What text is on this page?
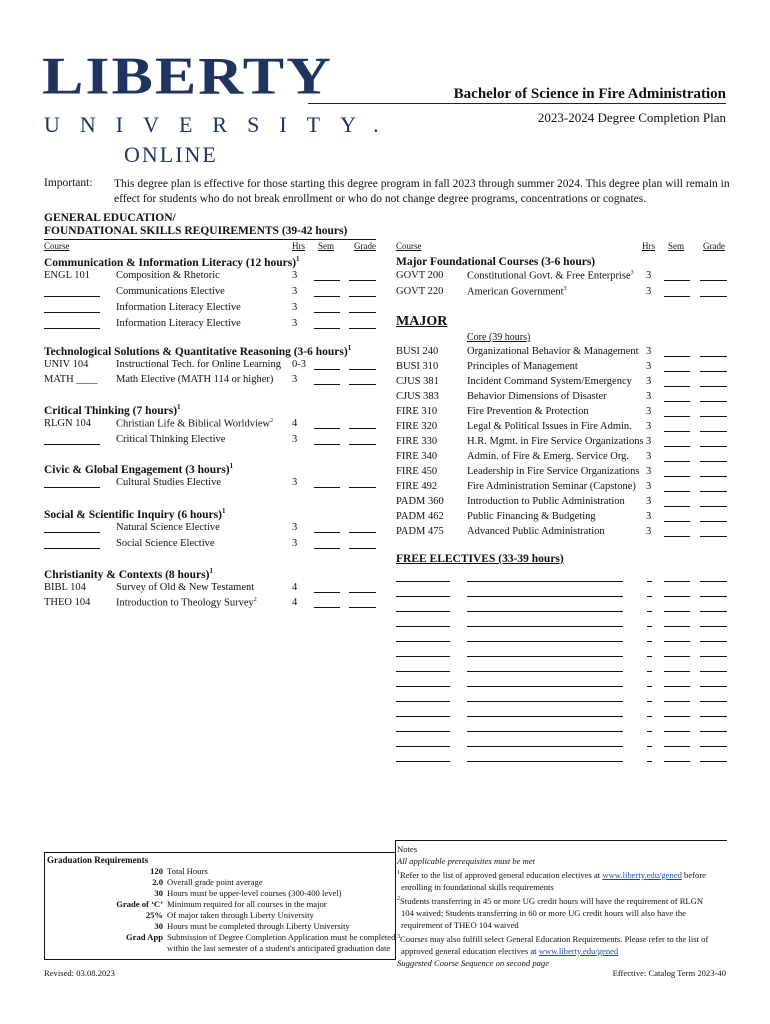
LIBERTY
UNIVERSITY.
ONLINE
Bachelor of Science in Fire Administration
2023-2024 Degree Completion Plan
Important: This degree plan is effective for those starting this degree program in fall 2023 through summer 2024. This degree plan will remain in effect for students who do not break enrollment or who do not change degree programs, concentrations or cognates.
GENERAL EDUCATION/
FOUNDATIONAL SKILLS REQUIREMENTS (39-42 hours)
Course	Hrs Sem Grade
Communication & Information Literacy (12 hours)$^1$
ENGL 101 Composition & Rhetoric	3
Communications Elective	3
Information Literacy Elective	3
Information Literacy Elective	3
Technological Solutions & Quantitative Reasoning (3-6 hours)$^1$
UNIV 104	Instructional Tech. for Online Learning 0-3
MATH ____ Math Elective (MATH 114 or higher) 3
Critical Thinking (7 hours)$^1$
RLGN 104 Christian Life & Biblical Worldview$^2$ 4
Critical Thinking Elective	3
Civic & Global Engagement (3 hours)$^1$
Cultural Studies Elective	3
Social & Scientific Inquiry (6 hours)$^1$
Natural Science Elective	3
Social Science Elective	3
Christianity & Contexts (8 hours)$^1$
BIBL 104	Survey of Old & New Testament	4
THEO 104 Introduction to Theology Survey$^2$	4
Course	Hrs Sem Grade
Major Foundational Courses (3-6 hours)
MAJOR
Core (39 hours)
FREE ELECTIVES (33-39 hours)
GOVT 200 Constitutional Govt. & Free Enterprise$^3$ 3
GOVT 220 American Government$^3$	3
BUSI 240	Organizational Behavior & Management 3
BUSI 310	Principles of Management	3
CJUS 381	Incident Command System/Emergency 3
CJUS 383	Behavior Dimensions of Disaster	3
FIRE 310	Fire Prevention & Protection	3
FIRE 320	Legal & Political Issues in Fire Admin. 3
FIRE 330	H.R. Mgmt. in Fire Service Organizations 3
FIRE 340	Admin. of Fire & Emerg. Service Org. 3
FIRE 450	Leadership in Fire Service Organizations 3
FIRE 492	Fire Administration Seminar (Capstone) 3
PADM 360 Introduction to Public Administration 3
PADM 462 Public Financing & Budgeting	3
PADM 475 Advanced Public Administration	3
Graduation Requirements
120 Total Hours
2.0 Overall grade point average
30 Hours must be upper-level courses (300-400 level)
Grade of ‘C’ Minimum required for all courses in the major
25% Of major taken through Liberty University
30 Hours must be completed through Liberty University
Grad App Submission of Degree Completion Application must be completed
within the last semester of a student's anticipated graduation date
Notes
All applicable prerequisites must be met
$^1$Refer to the list of approved general education electives at www.liberty.edu/gened before
enrolling in foundational skills requirements
$^2$Students transferring in 45 or more UG credit hours will have the requirement of RLGN
104 waived; Students transferring in 60 or more UG credit hours will also have the
requirement of THEO 104 waived
$^3$Courses may also fulfill select General Education Requirements. Please refer to the list of
approved general education electives at www.liberty.edu/gened
Suggested Course Sequence on second page
Revised: 03.08.2023	Effective: Catalog Term 2023-40
